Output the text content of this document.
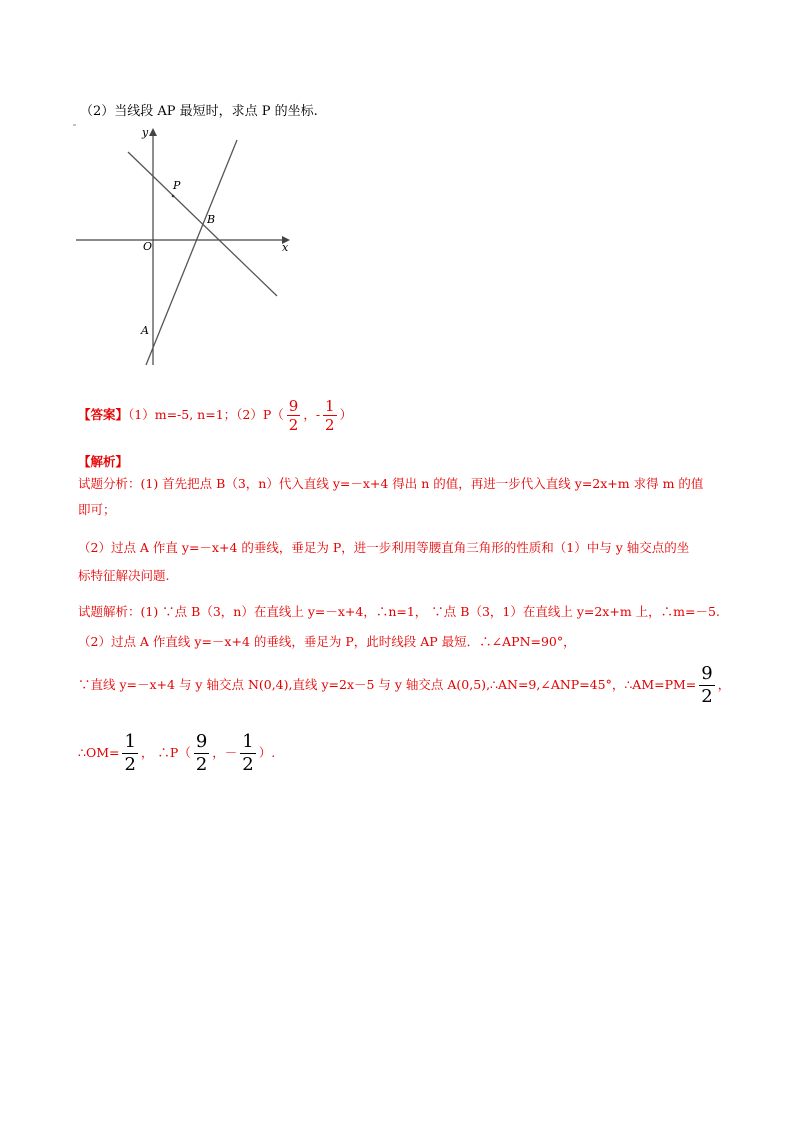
（2）当线段 AP 最短时，求点 P 的坐标.
y
x
O
P
B
A
【答案】（1）m=-5, n=1；$(2)P( \frac{9}{2}$ ，- $\frac{1}{2}$ ）
【解析】
试题分析：(1) 首先把点 B（3，n）代入直线 y=－x+4 得出 n 的值，再进一步代入直线 y=2x+m 求得 m 的值
即可；
（2）过点 A 作直 y=－x+4 的垂线，垂足为 P，进一步利用等腰直角三角形的性质和（1）中与 y 轴交点的坐
标特征解决问题.
试题解析：(1) ∵点 B（3，n）在直线上 y=－x+4，∴n=1， ∵点 B（3，1）在直线上 y=2x+m 上，∴m=－5.
（2）过点 A 作直线 y=－x+4 的垂线，垂足为 P，此时线段 AP 最短．∴∠APN=90°，
∵直线 y=－x+4 与 y 轴交点 N(0,4),直线 y=2x－5 与 y 轴交点 A(0,5),∴AN=9,∠ANP=45°，∴AM=PM= $\frac{9}{2}$ ，
∴OM= $\frac{1}{2}$ ， ∴P（ $\frac{9}{2}$ ，－ $\frac{1}{2}$ ）.
